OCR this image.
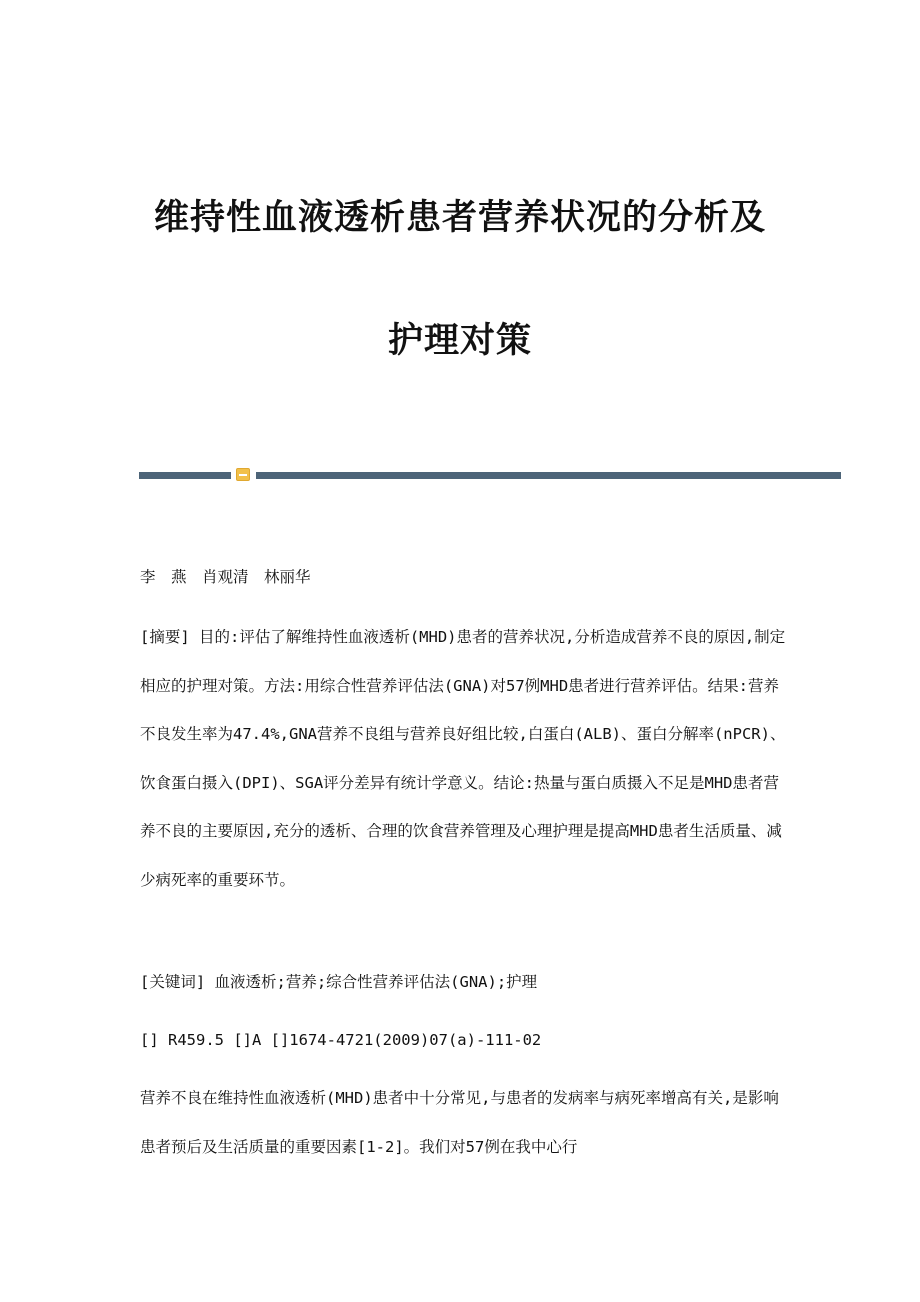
维持性血液透析患者营养状况的分析及
护理对策
李　燕　肖观清　林丽华
[摘要] 目的:评估了解维持性血液透析(MHD)患者的营养状况,分析造成营养不良的原因,制定相应的护理对策。方法:用综合性营养评估法(GNA)对57例MHD患者进行营养评估。结果:营养不良发生率为47.4%,GNA营养不良组与营养良好组比较,白蛋白(ALB)、蛋白分解率(nPCR)、饮食蛋白摄入(DPI)、SGA评分差异有统计学意义。结论:热量与蛋白质摄入不足是MHD患者营养不良的主要原因,充分的透析、合理的饮食营养管理及心理护理是提高MHD患者生活质量、减少病死率的重要环节。
[关键词] 血液透析;营养;综合性营养评估法(GNA);护理
[] R459.5 []A []1674-4721(2009)07(a)-111-02
营养不良在维持性血液透析(MHD)患者中十分常见,与患者的发病率与病死率增高有关,是影响患者预后及生活质量的重要因素[1-2]。我们对57例在我中心行
